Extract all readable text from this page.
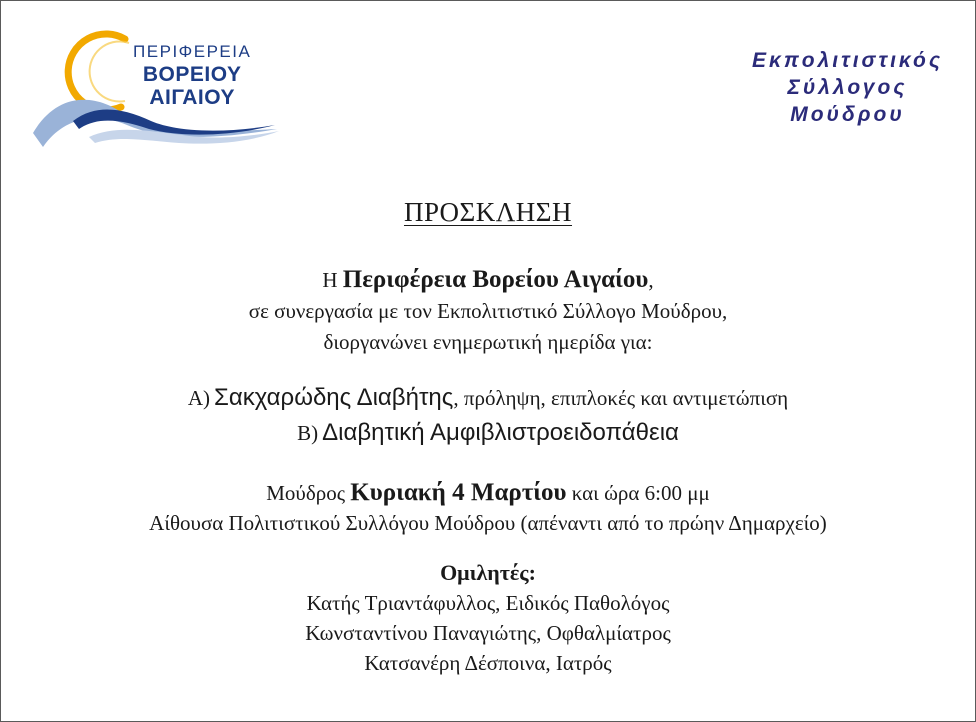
ΠΕΡΙΦΕΡΕΙΑ
ΒΟΡΕΙΟΥ
ΑΙΓΑΙΟΥ
Εκπολιτιστικός
Σύλλογος
Μούδρου
ΠΡΟΣΚΛΗΣΗ
Η Περιφέρεια Βορείου Αιγαίου,
σε συνεργασία με τον Εκπολιτιστικό Σύλλογο Μούδρου,
διοργανώνει ενημερωτική ημερίδα για:
Α) Σακχαρώδης Διαβήτης, πρόληψη, επιπλοκές και αντιμετώπιση
Β) Διαβητική Αμφιβλιστροειδοπάθεια
Μούδρος Κυριακή 4 Μαρτίου και ώρα 6:00 μμ
Αίθουσα Πολιτιστικού Συλλόγου Μούδρου (απέναντι από το πρώην Δημαρχείο)
Ομιλητές:
Κατής Τριαντάφυλλος, Ειδικός Παθολόγος
Κωνσταντίνου Παναγιώτης, Οφθαλμίατρος
Κατσανέρη Δέσποινα, Ιατρός
